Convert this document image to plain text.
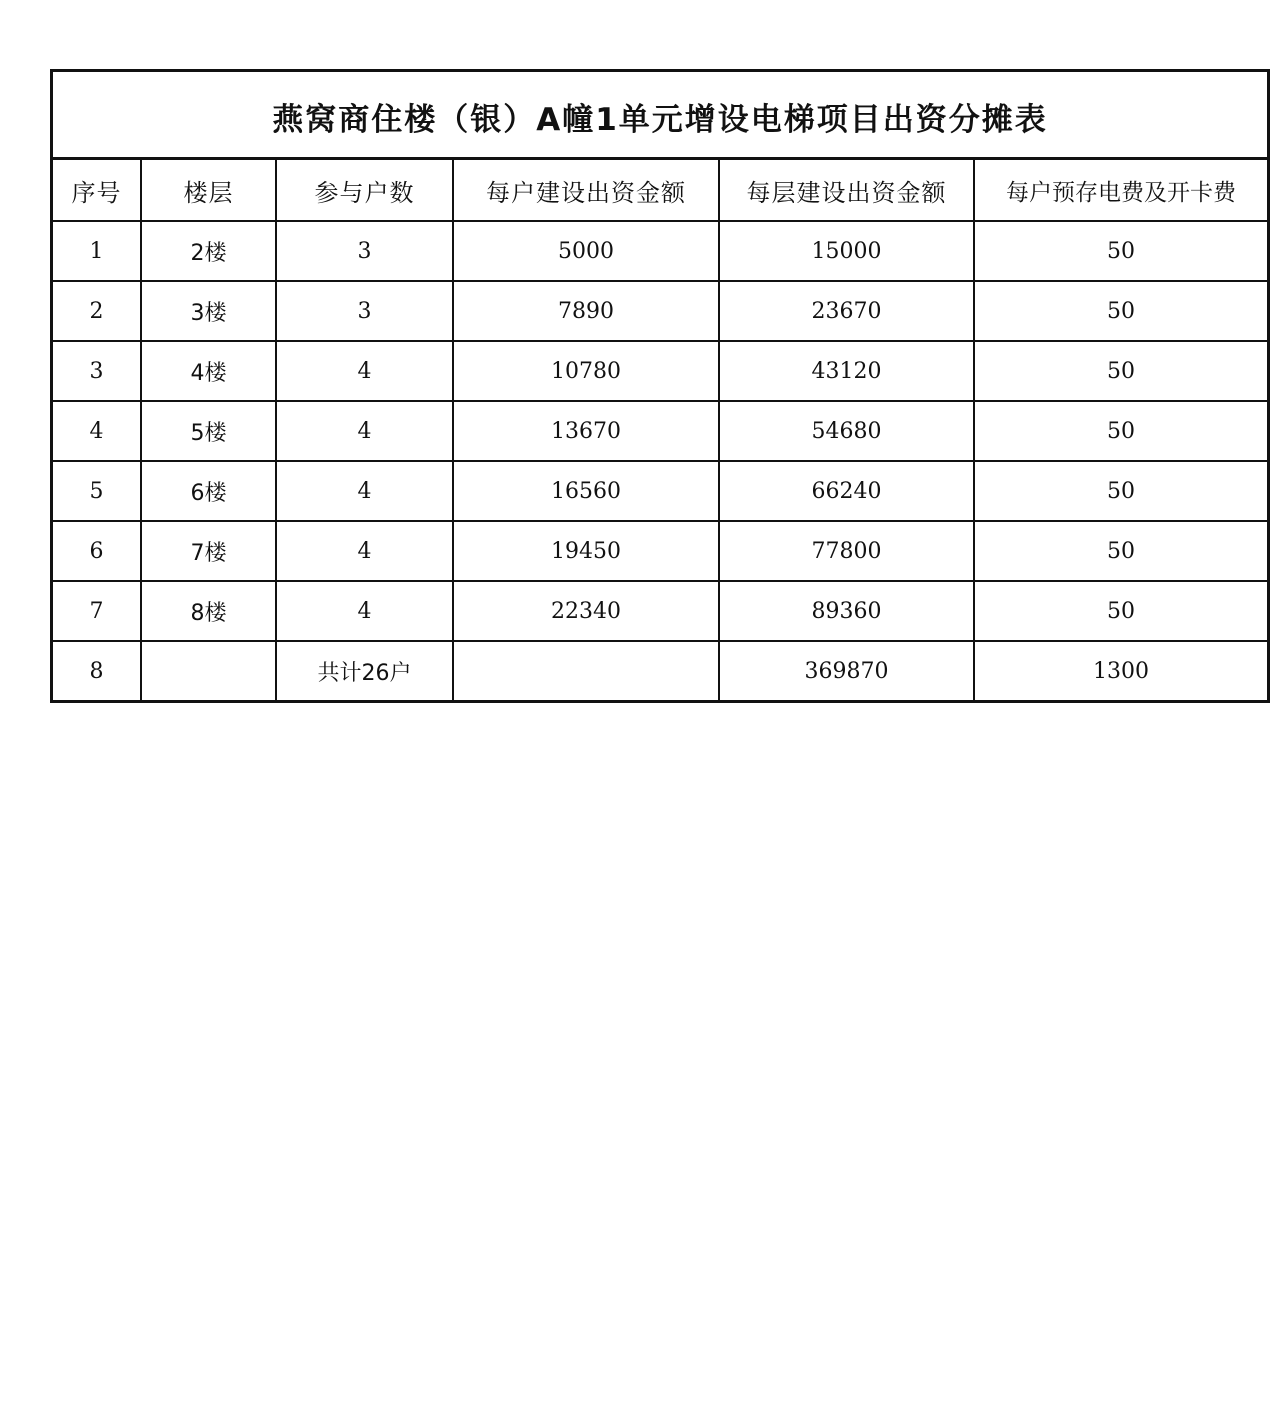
燕窝商住楼（银）A幢1单元增设电梯项目出资分摊表
序号	楼层	参与户数	每户建设出资金额	每层建设出资金额	每户预存电费及开卡费
1	2楼	3	5000	15000	50
2	3楼	3	7890	23670	50
3	4楼	4	10780	43120	50
4	5楼	4	13670	54680	50
5	6楼	4	16560	66240	50
6	7楼	4	19450	77800	50
7	8楼	4	22340	89360	50
8		共计26户		369870	1300
